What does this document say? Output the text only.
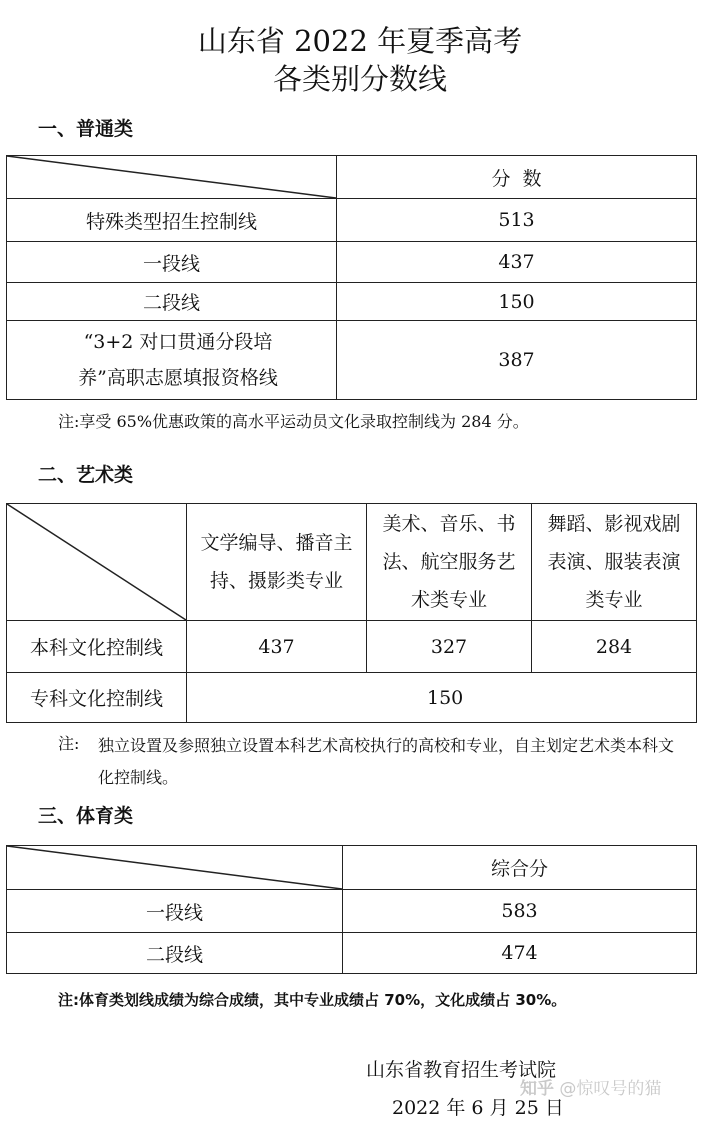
山东省 2022 年夏季高考
各类别分数线
一、普通类
	分  数
特殊类型招生控制线	513
一段线	437
二段线	150
“3+2 对口贯通分段培养”高职志愿填报资格线	387
注:享受 65%优惠政策的高水平运动员文化录取控制线为 284 分。
二、艺术类
	文学编导、播音主持、摄影类专业	美术、音乐、书法、航空服务艺术类专业	舞蹈、影视戏剧表演、服装表演类专业
本科文化控制线	437	327	284
专科文化控制线	150		
注:	独立设置及参照独立设置本科艺术高校执行的高校和专业，自主划定艺术类本科文化控制线。
三、体育类
	综合分
一段线	583
二段线	474
注:体育类划线成绩为综合成绩，其中专业成绩占 70%，文化成绩占 30%。
山东省教育招生考试院
2022 年 6 月 25 日
知乎 @惊叹号的猫
